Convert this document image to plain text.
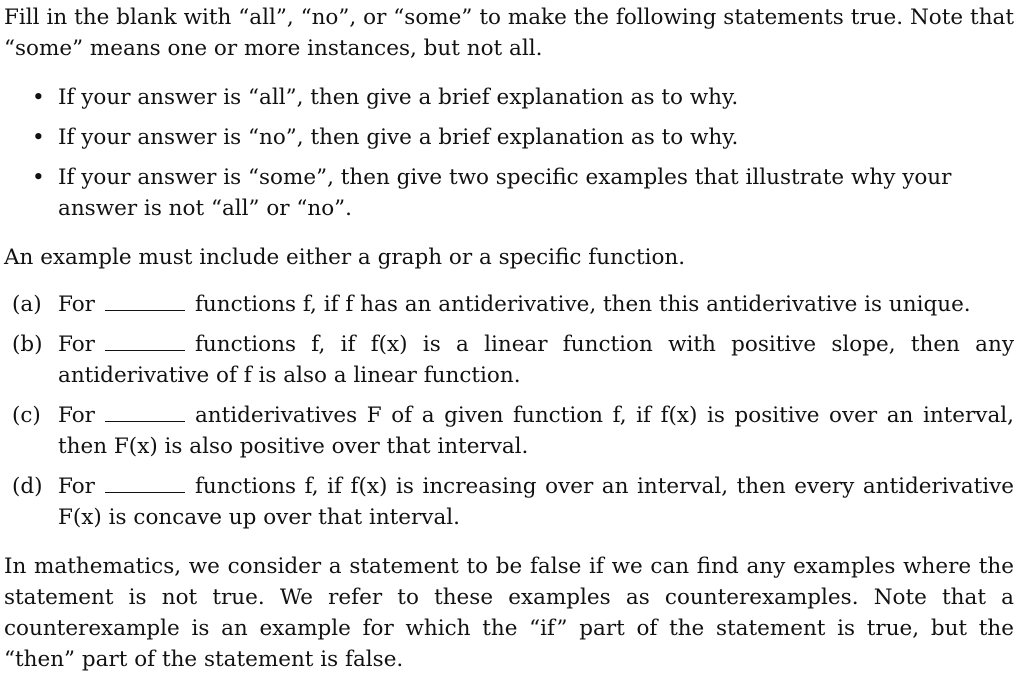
Fill in the blank with “all”, “no”, or “some” to make the following statements true. Note that “some” means one or more instances, but not all.

• If your answer is “all”, then give a brief explanation as to why.
• If your answer is “no”, then give a brief explanation as to why.
• If your answer is “some”, then give two specific examples that illustrate why your answer is not “all” or “no”.

An example must include either a graph or a specific function.

(a) For	functions f, if f has an antiderivative, then this antiderivative is unique.
(b) For	functions f, if f(x) is a linear function with positive slope, then any antiderivative of f is also a linear function.
(c) For	antiderivatives F of a given function f, if f(x) is positive over an interval, then F(x) is also positive over that interval.
(d) For	functions f, if f(x) is increasing over an interval, then every antiderivative F(x) is concave up over that interval.

In mathematics, we consider a statement to be false if we can find any examples where the statement is not true. We refer to these examples as counterexamples. Note that a counterexample is an example for which the “if” part of the statement is true, but the “then” part of the statement is false.
